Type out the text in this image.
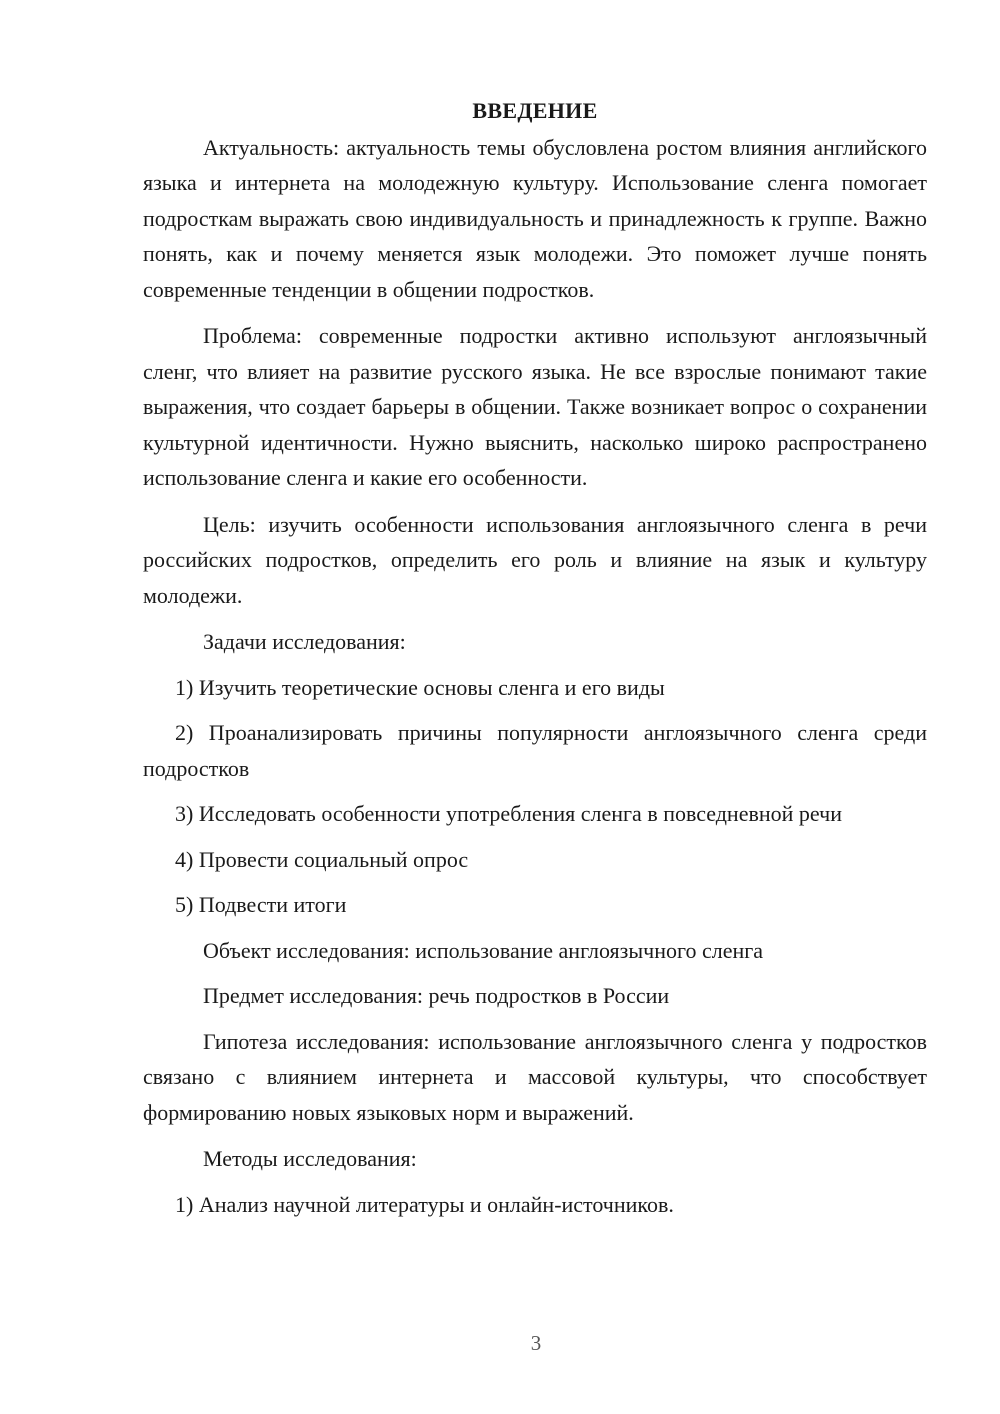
ВВЕДЕНИЕ

Актуальность: актуальность темы обусловлена ростом влияния английского языка и интернета на молодежную культуру. Использование сленга помогает подросткам выражать свою индивидуальность и принадлежность к группе. Важно понять, как и почему меняется язык молодежи. Это поможет лучше понять современные тенденции в общении подростков.

Проблема: современные подростки активно используют англоязычный сленг, что влияет на развитие русского языка. Не все взрослые понимают такие выражения, что создает барьеры в общении. Также возникает вопрос о сохранении культурной идентичности. Нужно выяснить, насколько широко распространено использование сленга и какие его особенности.

Цель: изучить особенности использования англоязычного сленга в речи российских подростков, определить его роль и влияние на язык и культуру молодежи.

Задачи исследования:

1) Изучить теоретические основы сленга и его виды

2) Проанализировать причины популярности англоязычного сленга среди подростков

3) Исследовать особенности употребления сленга в повседневной речи

4) Провести социальный опрос

5) Подвести итоги

Объект исследования: использование англоязычного сленга

Предмет исследования: речь подростков в России

Гипотеза исследования: использование англоязычного сленга у подростков связано с влиянием интернета и массовой культуры, что способствует формированию новых языковых норм и выражений.

Методы исследования:

1) Анализ научной литературы и онлайн-источников.

3
